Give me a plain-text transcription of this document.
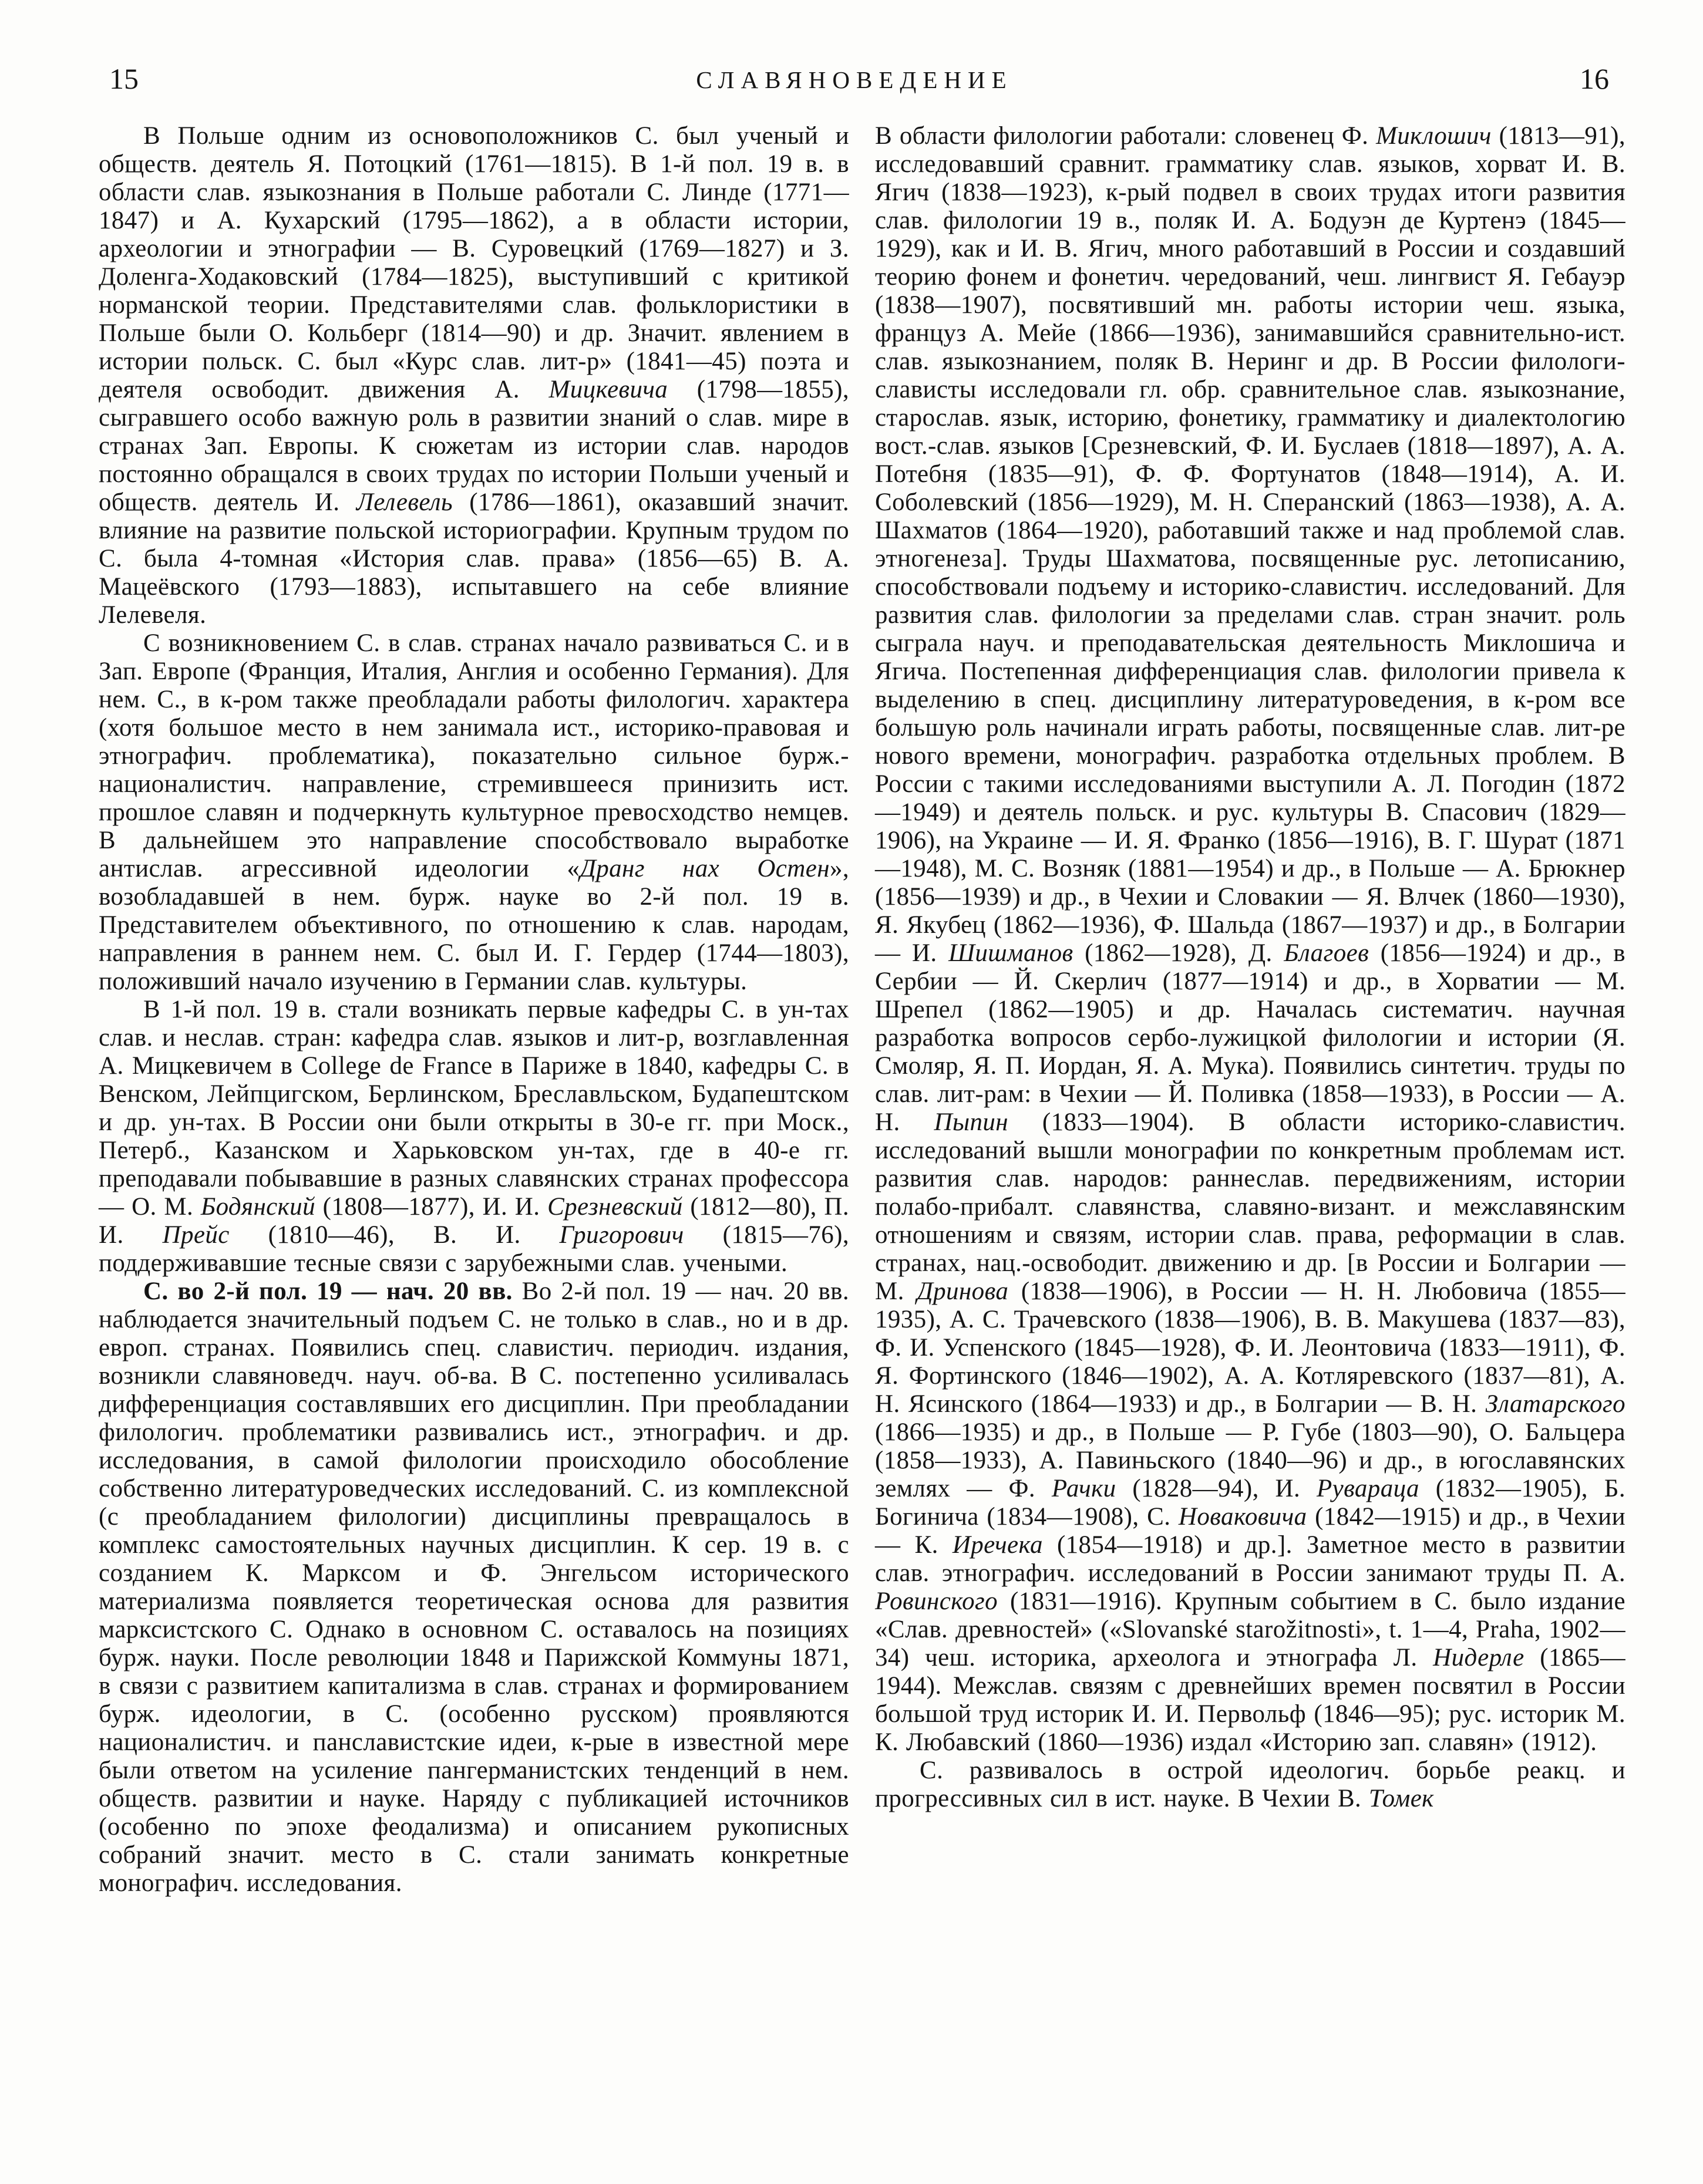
15	СЛАВЯНОВЕДЕНИЕ	16

В Польше одним из основоположников С. был ученый и обществ. деятель Я. Потоцкий (1761—1815). В 1-й пол. 19 в. в области слав. языкознания в Польше работали С. Линде (1771—1847) и А. Кухарский (1795—1862), а в области истории, археологии и этнографии — В. Суровецкий (1769—1827) и З. Доленга-Ходаковский (1784—1825), выступивший с критикой норманской теории. Представителями слав. фольклористики в Польше были О. Кольберг (1814—90) и др. Значит. явлением в истории польск. С. был «Курс слав. лит-р» (1841—45) поэта и деятеля освободит. движения А. Мицкевича (1798—1855), сыгравшего особо важную роль в развитии знаний о слав. мире в странах Зап. Европы. К сюжетам из истории слав. народов постоянно обращался в своих трудах по истории Польши ученый и обществ. деятель И. Лелевель (1786—1861), оказавший значит. влияние на развитие польской историографии. Крупным трудом по С. была 4-томная «История слав. права» (1856—65) В. А. Мацеёвского (1793—1883), испытавшего на себе влияние Лелевеля.

С возникновением С. в слав. странах начало развиваться С. и в Зап. Европе (Франция, Италия, Англия и особенно Германия). Для нем. С., в к-ром также преобладали работы филологич. характера (хотя большое место в нем занимала ист., историко-правовая и этнографич. проблематика), показательно сильное бурж.-националистич. направление, стремившееся принизить ист. прошлое славян и подчеркнуть культурное превосходство немцев. В дальнейшем это направление способствовало выработке антислав. агрессивной идеологии «Дранг нах Остен», возобладавшей в нем. бурж. науке во 2-й пол. 19 в. Представителем объективного, по отношению к слав. народам, направления в раннем нем. С. был И. Г. Гердер (1744—1803), положивший начало изучению в Германии слав. культуры.

В 1-й пол. 19 в. стали возникать первые кафедры С. в ун-тах слав. и неслав. стран: кафедра слав. языков и лит-р, возглавленная А. Мицкевичем в College de France в Париже в 1840, кафедры С. в Венском, Лейпцигском, Берлинском, Бреславльском, Будапештском и др. ун-тах. В России они были открыты в 30-е гг. при Моск., Петерб., Казанском и Харьковском ун-тах, где в 40-е гг. преподавали побывавшие в разных славянских странах профессора — О. М. Бодянский (1808—1877), И. И. Срезневский (1812—80), П. И. Прейс (1810—46), В. И. Григорович (1815—76), поддерживавшие тесные связи с зарубежными слав. учеными.

С. во 2-й пол. 19 — нач. 20 вв. Во 2-й пол. 19 — нач. 20 вв. наблюдается значительный подъем С. не только в слав., но и в др. европ. странах. Появились спец. славистич. периодич. издания, возникли славяноведч. науч. об-ва. В С. постепенно усиливалась дифференциация составлявших его дисциплин. При преобладании филологич. проблематики развивались ист., этнографич. и др. исследования, в самой филологии происходило обособление собственно литературоведческих исследований. С. из комплексной (с преобладанием филологии) дисциплины превращалось в комплекс самостоятельных научных дисциплин. К сер. 19 в. с созданием К. Марксом и Ф. Энгельсом исторического материализма появляется теоретическая основа для развития марксистского С. Однако в основном С. оставалось на позициях бурж. науки. После революции 1848 и Парижской Коммуны 1871, в связи с развитием капитализма в слав. странах и формированием бурж. идеологии, в С. (особенно русском) проявляются националистич. и панславистские идеи, к-рые в известной мере были ответом на усиление пангерманистских тенденций в нем. обществ. развитии и науке. Наряду с публикацией источников (особенно по эпохе феодализма) и описанием рукописных собраний значит. место в С. стали занимать конкретные монографич. исследования.

В области филологии работали: словенец Ф. Миклошич (1813—91), исследовавший сравнит. грамматику слав. языков, хорват И. В. Ягич (1838—1923), к-рый подвел в своих трудах итоги развития слав. филологии 19 в., поляк И. А. Бодуэн де Куртенэ (1845—1929), как и И. В. Ягич, много работавший в России и создавший теорию фонем и фонетич. чередований, чеш. лингвист Я. Гебауэр (1838—1907), посвятивший мн. работы истории чеш. языка, француз А. Мейе (1866—1936), занимавшийся сравнительно-ист. слав. языкознанием, поляк В. Неринг и др. В России филологи-слависты исследовали гл. обр. сравнительное слав. языкознание, старослав. язык, историю, фонетику, грамматику и диалектологию вост.-слав. языков [Срезневский, Ф. И. Буслаев (1818—1897), А. А. Потебня (1835—91), Ф. Ф. Фортунатов (1848—1914), А. И. Соболевский (1856—1929), М. Н. Сперанский (1863—1938), А. А. Шахматов (1864—1920), работавший также и над проблемой слав. этногенеза]. Труды Шахматова, посвященные рус. летописанию, способствовали подъему и историко-славистич. исследований. Для развития слав. филологии за пределами слав. стран значит. роль сыграла науч. и преподавательская деятельность Миклошича и Ягича. Постепенная дифференциация слав. филологии привела к выделению в спец. дисциплину литературоведения, в к-ром все большую роль начинали играть работы, посвященные слав. лит-ре нового времени, монографич. разработка отдельных проблем. В России с такими исследованиями выступили А. Л. Погодин (1872—1949) и деятель польск. и рус. культуры В. Спасович (1829—1906), на Украине — И. Я. Франко (1856—1916), В. Г. Шурат (1871—1948), М. С. Возняк (1881—1954) и др., в Польше — А. Брюкнер (1856—1939) и др., в Чехии и Словакии — Я. Влчек (1860—1930), Я. Якубец (1862—1936), Ф. Шальда (1867—1937) и др., в Болгарии — И. Шишманов (1862—1928), Д. Благоев (1856—1924) и др., в Сербии — Й. Скерлич (1877—1914) и др., в Хорватии — М. Шрепел (1862—1905) и др. Началась систематич. научная разработка вопросов сербо-лужицкой филологии и истории (Я. Смоляр, Я. П. Иордан, Я. А. Мука). Появились синтетич. труды по слав. лит-рам: в Чехии — Й. Поливка (1858—1933), в России — А. Н. Пыпин (1833—1904). В области историко-славистич. исследований вышли монографии по конкретным проблемам ист. развития слав. народов: раннеслав. передвижениям, истории полабо-прибалт. славянства, славяно-визант. и межславянским отношениям и связям, истории слав. права, реформации в слав. странах, нац.-освободит. движению и др. [в России и Болгарии — М. Дринова (1838—1906), в России — Н. Н. Любовича (1855—1935), А. С. Трачевского (1838—1906), В. В. Макушева (1837—83), Ф. И. Успенского (1845—1928), Ф. И. Леонтовича (1833—1911), Ф. Я. Фортинского (1846—1902), А. А. Котляревского (1837—81), А. Н. Ясинского (1864—1933) и др., в Болгарии — В. Н. Златарского (1866—1935) и др., в Польше — Р. Губе (1803—90), О. Бальцера (1858—1933), А. Павиньского (1840—96) и др., в югославянских землях — Ф. Рачки (1828—94), И. Рувараца (1832—1905), Б. Богинича (1834—1908), С. Новаковича (1842—1915) и др., в Чехии — К. Иречека (1854—1918) и др.]. Заметное место в развитии слав. этнографич. исследований в России занимают труды П. А. Ровинского (1831—1916). Крупным событием в С. было издание «Слав. древностей» («Slovanské starožitnosti», t. 1—4, Praha, 1902—34) чеш. историка, археолога и этнографа Л. Нидерле (1865—1944). Межслав. связям с древнейших времен посвятил в России большой труд историк И. И. Первольф (1846—95); рус. историк М. К. Любавский (1860—1936) издал «Историю зап. славян» (1912).

С. развивалось в острой идеологич. борьбе реакц. и прогрессивных сил в ист. науке. В Чехии В. Томек
